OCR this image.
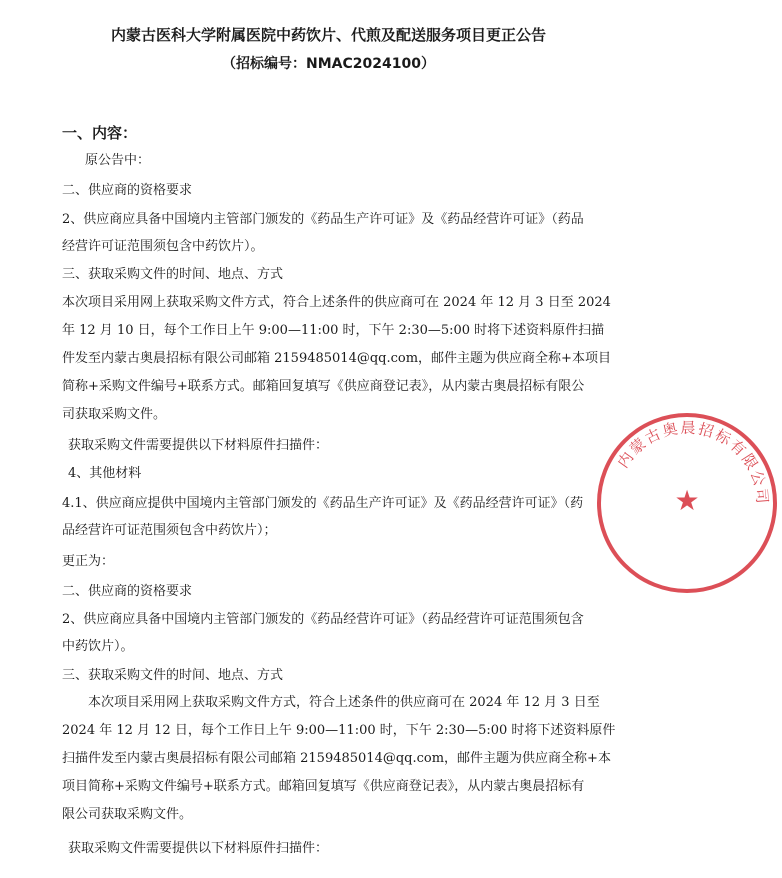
内蒙古医科大学附属医院中药饮片、代煎及配送服务项目更正公告
（招标编号：NMAC2024100）
一、内容：
原公告中：
二、供应商的资格要求
2、供应商应具备中国境内主管部门颁发的《药品生产许可证》及《药品经营许可证》（药品
经营许可证范围须包含中药饮片）。
三、获取采购文件的时间、地点、方式
本次项目采用网上获取采购文件方式，符合上述条件的供应商可在 2024 年 12 月 3 日至 2024
年 12 月 10 日，每个工作日上午 9:00—11:00 时，下午 2:30—5:00 时将下述资料原件扫描
件发至内蒙古奥晨招标有限公司邮箱 2159485014@qq.com，邮件主题为供应商全称+本项目
简称+采购文件编号+联系方式。邮箱回复填写《供应商登记表》，从内蒙古奥晨招标有限公
司获取采购文件。
获取采购文件需要提供以下材料原件扫描件：
4、其他材料
4.1、供应商应提供中国境内主管部门颁发的《药品生产许可证》及《药品经营许可证》（药
品经营许可证范围须包含中药饮片）；
更正为：
二、供应商的资格要求
2、供应商应具备中国境内主管部门颁发的《药品经营许可证》（药品经营许可证范围须包含
中药饮片）。
三、获取采购文件的时间、地点、方式
本次项目采用网上获取采购文件方式，符合上述条件的供应商可在 2024 年 12 月 3 日至
2024 年 12 月 12 日，每个工作日上午 9:00—11:00 时，下午 2:30—5:00 时将下述资料原件
扫描件发至内蒙古奥晨招标有限公司邮箱 2159485014@qq.com，邮件主题为供应商全称+本
项目简称+采购文件编号+联系方式。邮箱回复填写《供应商登记表》，从内蒙古奥晨招标有
限公司获取采购文件。
获取采购文件需要提供以下材料原件扫描件：
内蒙古奥晨招标有限公司
★
